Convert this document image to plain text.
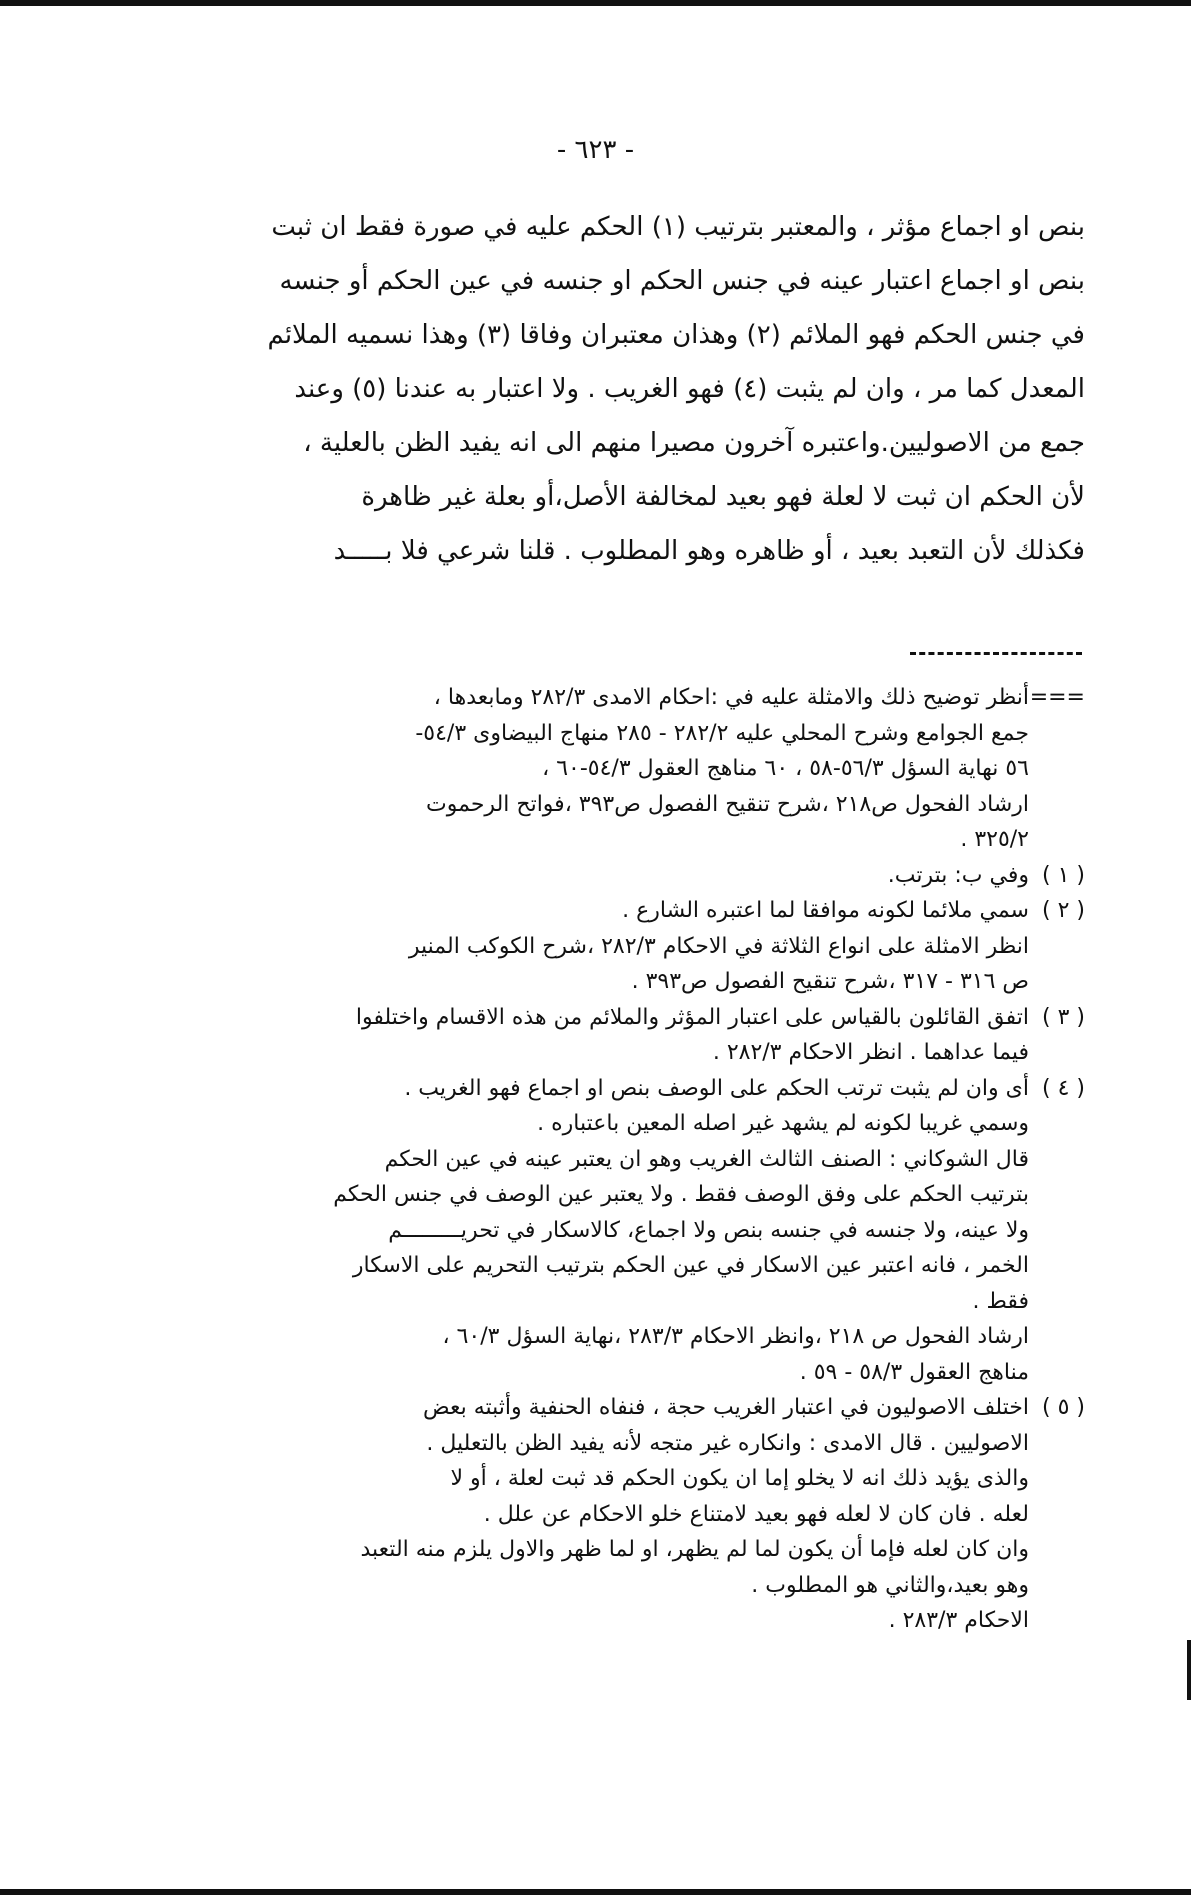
- ٦٢٣ -
بنص او اجماع مؤثر ، والمعتبر بترتيب (١) الحكم عليه في صورة فقط ان ثبت
بنص او اجماع اعتبار عينه في جنس الحكم او جنسه في عين الحكم أو جنسه
في جنس الحكم فهو الملائم (٢) وهذان معتبران وفاقا (٣) وهذا نسميه الملائم
المعدل كما مر ، وان لم يثبت (٤) فهو الغريب . ولا اعتبار به عندنا (٥) وعند
جمع من الاصوليين.واعتبره آخرون مصيرا منهم الى انه يفيد الظن بالعلية ،
لأن الحكم ان ثبت لا لعلة فهو بعيد لمخالفة الأصل،أو بعلة غير ظاهرة
فكذلك لأن التعبد بعيد ، أو ظاهره وهو المطلوب . قلنا شرعي فلا بـــــد
===
أنظر توضيح ذلك والامثلة عليه في :احكام الامدى ٢٨٢/٣ ومابعدها ،
جمع الجوامع وشرح المحلي عليه ٢٨٢/٢ - ٢٨٥ منهاج البيضاوى ٥٤/٣-
٥٦ نهاية السؤل ٥٦/٣-٥٨ ، ٦٠ مناهج العقول ٥٤/٣-٦٠ ،
ارشاد الفحول ص٢١٨ ،شرح تنقيح الفصول ص٣٩٣ ،فواتح الرحموت
٣٢٥/٢ .
( ١ )
وفي ب: بترتب.
( ٢ )
سمي ملائما لكونه موافقا لما اعتبره الشارع .
انظر الامثلة على انواع الثلاثة في الاحكام ٢٨٢/٣ ،شرح الكوكب المنير
ص ٣١٦ - ٣١٧ ،شرح تنقيح الفصول ص٣٩٣ .
( ٣ )
اتفق القائلون بالقياس على اعتبار المؤثر والملائم من هذه الاقسام واختلفوا
فيما عداهما . انظر الاحكام ٢٨٢/٣ .
( ٤ )
أى وان لم يثبت ترتب الحكم على الوصف بنص او اجماع فهو الغريب .
وسمي غريبا لكونه لم يشهد غير اصله المعين باعتباره .
قال الشوكاني : الصنف الثالث الغريب وهو ان يعتبر عينه في عين الحكم
بترتيب الحكم على وفق الوصف فقط . ولا يعتبر عين الوصف في جنس الحكم
ولا عينه، ولا جنسه في جنسه بنص ولا اجماع، كالاسكار في تحريـــــــــم
الخمر ، فانه اعتبر عين الاسكار في عين الحكم بترتيب التحريم على الاسكار
فقط .
ارشاد الفحول ص ٢١٨ ،وانظر الاحكام ٢٨٣/٣ ،نهاية السؤل ٦٠/٣ ،
مناهج العقول ٥٨/٣ - ٥٩ .
( ٥ )
اختلف الاصوليون في اعتبار الغريب حجة ، فنفاه الحنفية وأثبته بعض
الاصوليين . قال الامدى : وانكاره غير متجه لأنه يفيد الظن بالتعليل .
والذى يؤيد ذلك انه لا يخلو إما ان يكون الحكم قد ثبت لعلة ، أو لا
لعله . فان كان لا لعله فهو بعيد لامتناع خلو الاحكام عن علل .
وان كان لعله فإما أن يكون لما لم يظهر، او لما ظهر والاول يلزم منه التعبد
وهو بعيد،والثاني هو المطلوب .
الاحكام ٢٨٣/٣ .
